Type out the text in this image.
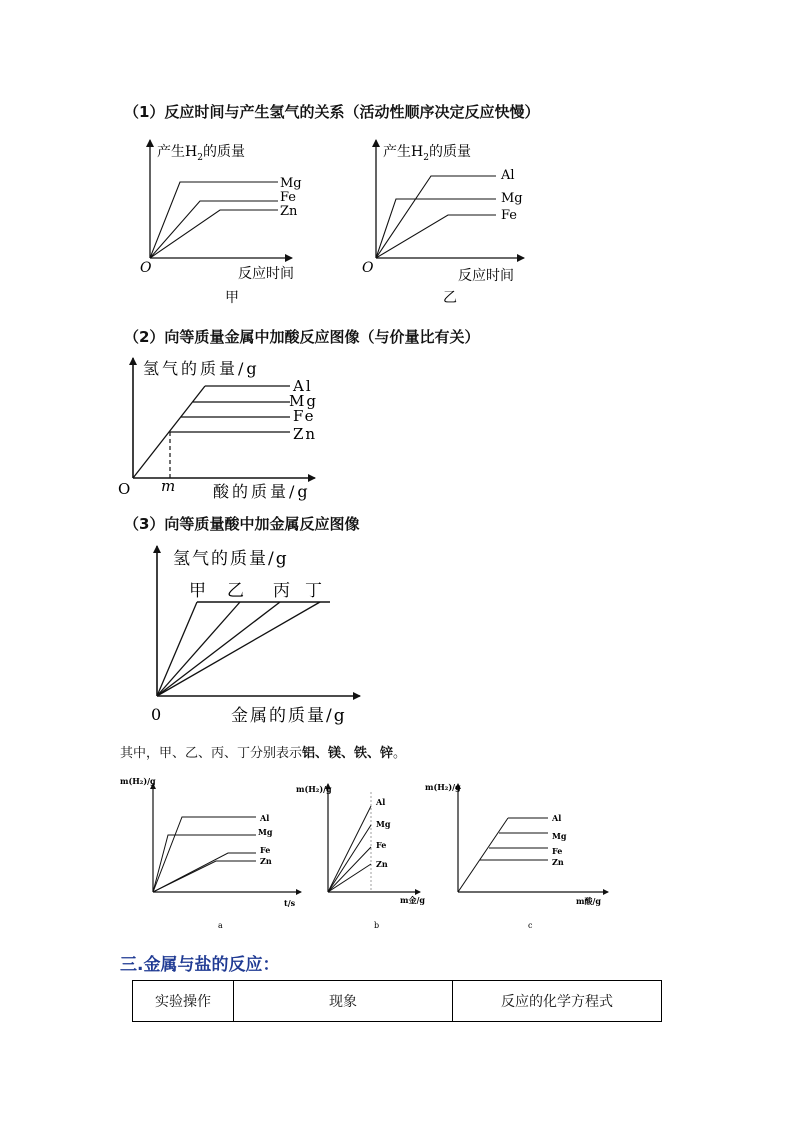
（1）反应时间与产生氢气的关系（活动性顺序决定反应快慢）
（2）向等质量金属中加酸反应图像（与价量比有关）
（3）向等质量酸中加金属反应图像
产生$H_2$的质量
O	反应时间
Mg
Fe
Zn
甲
产生$H_2$的质量
O	反应时间
Al
Mg
Fe
乙
氢气的质量/g
O m 酸的质量/g
Al
Mg
Fe
Zn
氢气的质量/g
0	金属的质量/g
甲 乙 丙 丁
其中，甲、乙、丙、丁分别表示铝、镁、铁、锌。
m(H₂)/g
t/s
Al
Mg
Fe
Zn
a
m(H₂)/g
m金/g
Al
Mg
Fe
Zn
b
m(H₂)/g
m酸/g
Al
Mg
Fe
Zn
c
三.金属与盐的反应：
实验操作	现象	反应的化学方程式
